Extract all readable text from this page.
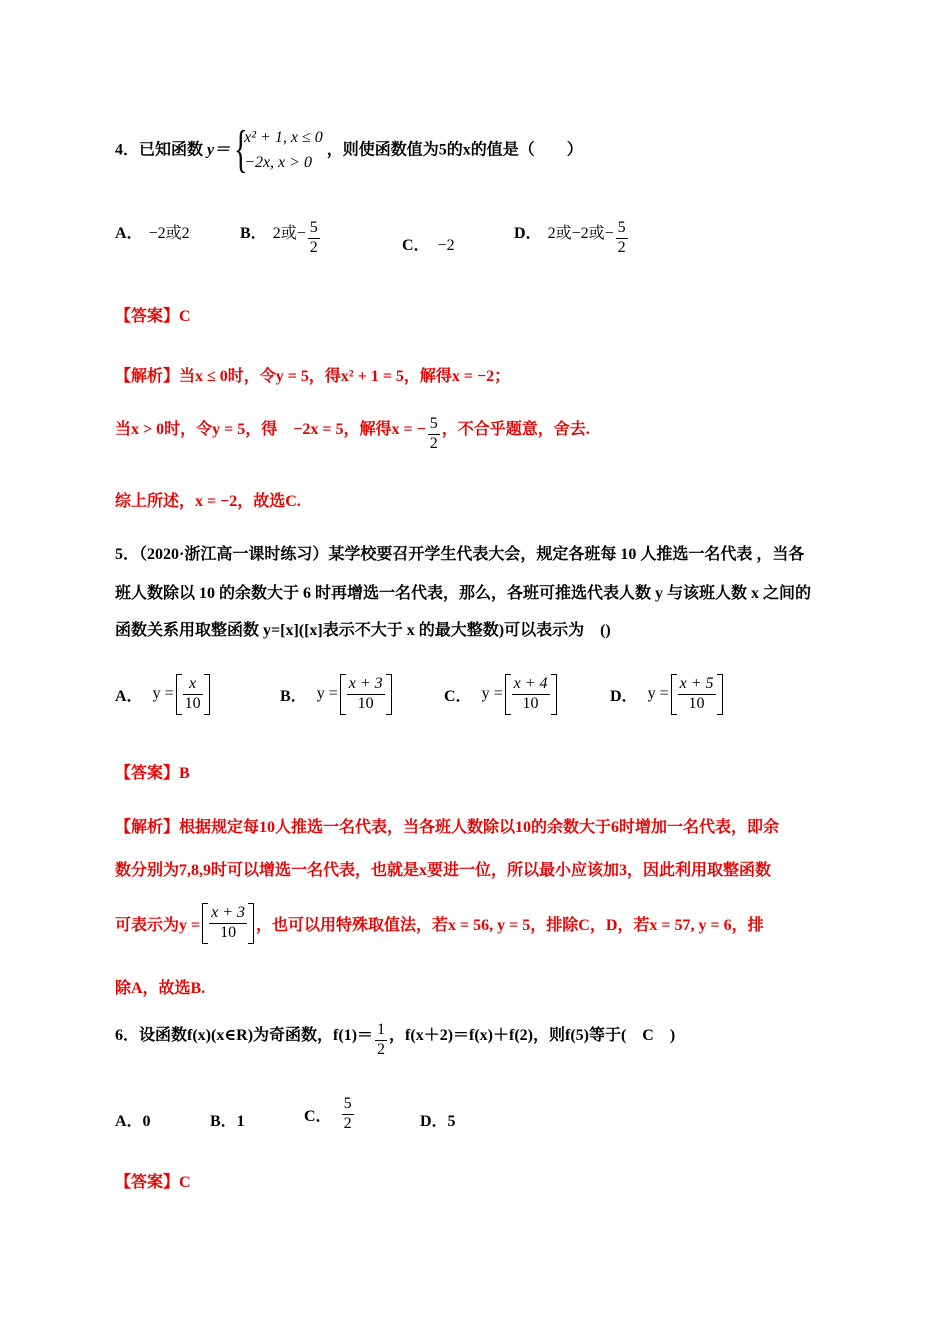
4．已知函数 y＝ {
x² + 1, x ≤ 0
−2x, x > 0
，则使函数值为5的x的值是（　　）
A． −2或2	B． 2或− $\frac{5}{2}$	C． −2
D． 2或−2或− $\frac{5}{2}$
【答案】C
【解析】当x ≤ 0时，令y = 5，得x² + 1 = 5，解得x = −2；
当x > 0时，令y = 5，得　−2x = 5，解得x = − $\frac{5}{2}$ ，不合乎题意，舍去.
综上所述，x = −2，故选C.
5．（2020·浙江高一课时练习）某学校要召开学生代表大会，规定各班每 10 人推选一名代表 ，当各
班人数除以 10 的余数大于 6 时再增选一名代表，那么，各班可推选代表人数 y 与该班人数 x 之间的
函数关系用取整函数 y=[x]([x]表示不大于 x 的最大整数)可以表示为　()
A． $y = \frac{x}{10}$	B． $y = \frac{x + 3}{10}$	C． $y = \frac{x + 4}{10}$	D． $y = \frac{x + 5}{10}$
【答案】B
【解析】根据规定每10人推选一名代表，当各班人数除以10的余数大于6时增加一名代表，即余
数分别为7,8,9时可以增选一名代表，也就是x要进一位，所以最小应该加3，因此利用取整函数
可表示为$y = \frac{x + 3}{10}$ ，也可以用特殊取值法，若x = 56, y = 5，排除C，D，若x = 57, y = 6，排
除A，故选B.
6．设函数f(x)(x∈R)为奇函数，$f(1)= \frac{1}{2}$ ，f(x＋2)＝f(x)＋f(2)，则f(5)等于(　C　)
A．0	B．1	C． $\frac{5}{2}$	D．5
【答案】C
